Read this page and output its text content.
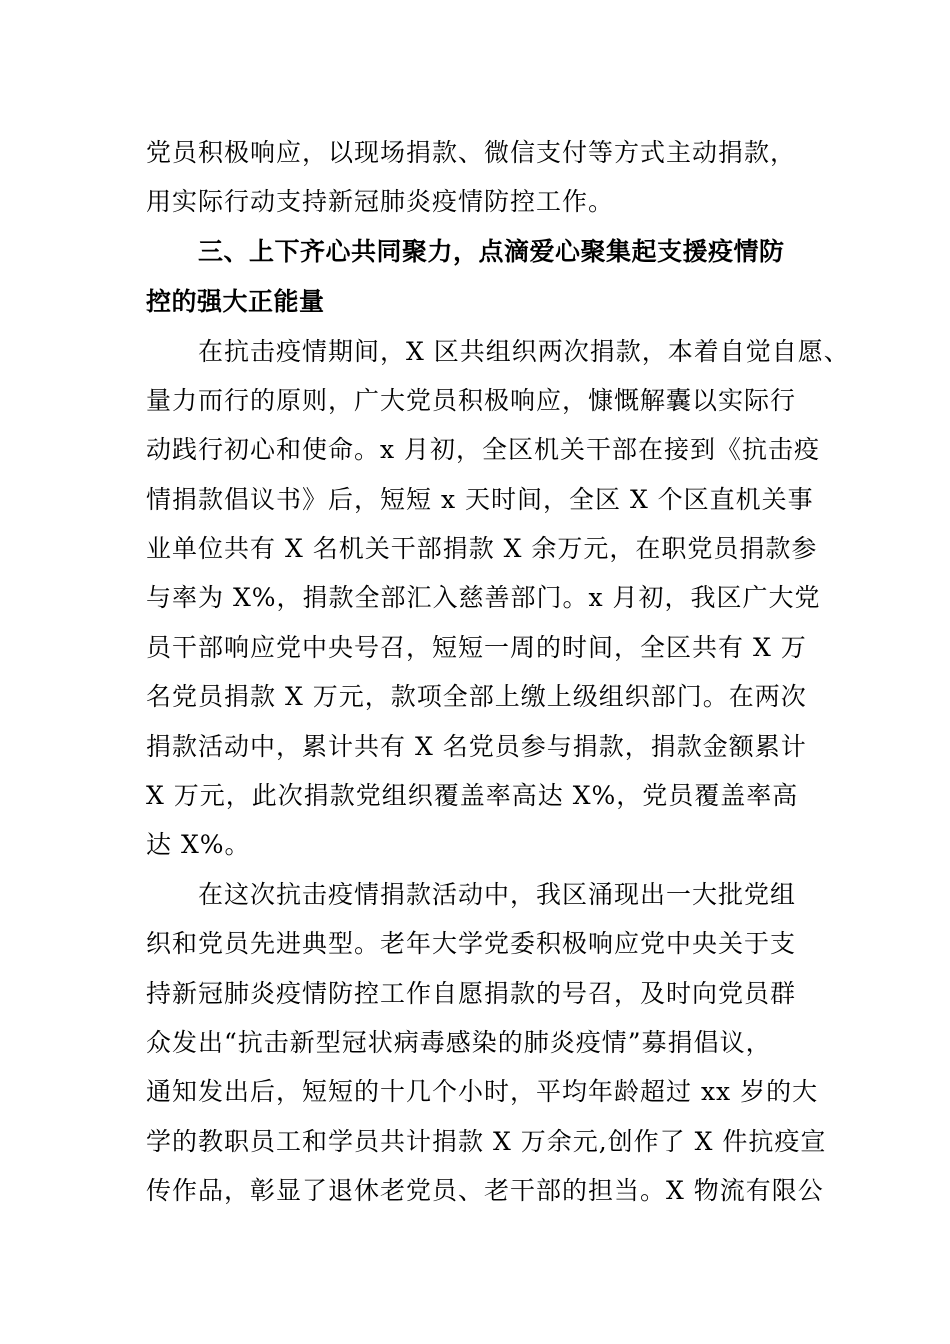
党员积极响应，以现场捐款、微信支付等方式主动捐款，
用实际行动支持新冠肺炎疫情防控工作。
三、上下齐心共同聚力，点滴爱心聚集起支援疫情防
控的强大正能量
在抗击疫情期间，X 区共组织两次捐款，本着自觉自愿、
量力而行的原则，广大党员积极响应，慷慨解囊以实际行
动践行初心和使命。x 月初，全区机关干部在接到《抗击疫
情捐款倡议书》后，短短 x 天时间，全区 X 个区直机关事
业单位共有 X 名机关干部捐款 X 余万元，在职党员捐款参
与率为 X%，捐款全部汇入慈善部门。x 月初，我区广大党
员干部响应党中央号召，短短一周的时间，全区共有 X 万
名党员捐款 X 万元，款项全部上缴上级组织部门。在两次
捐款活动中，累计共有 X 名党员参与捐款，捐款金额累计
X 万元，此次捐款党组织覆盖率高达 X%，党员覆盖率高
达 X%。
在这次抗击疫情捐款活动中，我区涌现出一大批党组
织和党员先进典型。老年大学党委积极响应党中央关于支
持新冠肺炎疫情防控工作自愿捐款的号召，及时向党员群
众发出“抗击新型冠状病毒感染的肺炎疫情”募捐倡议，
通知发出后，短短的十几个小时，平均年龄超过 xx 岁的大
学的教职员工和学员共计捐款 X 万余元,创作了 X 件抗疫宣
传作品，彰显了退休老党员、老干部的担当。X 物流有限公
